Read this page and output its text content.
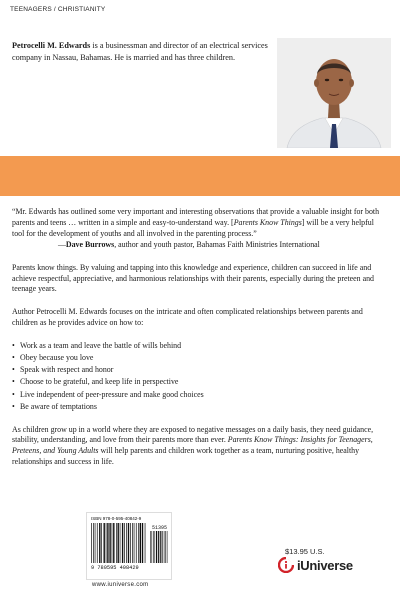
TEENAGERS / CHRISTIANITY
Petrocelli M. Edwards is a businessman and director of an electrical services company in Nassau, Bahamas. He is married and has three children.

“Mr. Edwards has outlined some very important and interesting observations that provide a valuable insight for both parents and teens … written in a simple and easy-to-understand way. [Parents Know Things] will be a very helpful tool for the development of youths and all involved in the parenting process.”

—Dave Burrows, author and youth pastor, Bahamas Faith Ministries International

Parents know things. By valuing and tapping into this knowledge and experience, children can succeed in life and achieve respectful, appreciative, and harmonious relationships with their parents, especially during the preteen and teenage years.

Author Petrocelli M. Edwards focuses on the intricate and often complicated relationships between parents and children as he provides advice on how to:

• Work as a team and leave the battle of wills behind
• Obey because you love
• Speak with respect and honor
• Choose to be grateful, and keep life in perspective
• Live independent of peer-pressure and make good choices
• Be aware of temptations

As children grow up in a world where they are exposed to negative messages on a daily basis, they need guidance, stability, understanding, and love from their parents more than ever. Parents Know Things: Insights for Teenagers, Preteens, and Young Adults will help parents and children work together as a team, nurturing positive, healthy relationships and success in life.

ISBN 978-0-595-40842-9
51395
9 780595 408429
www.iuniverse.com
$13.95 U.S.
iUniverse
